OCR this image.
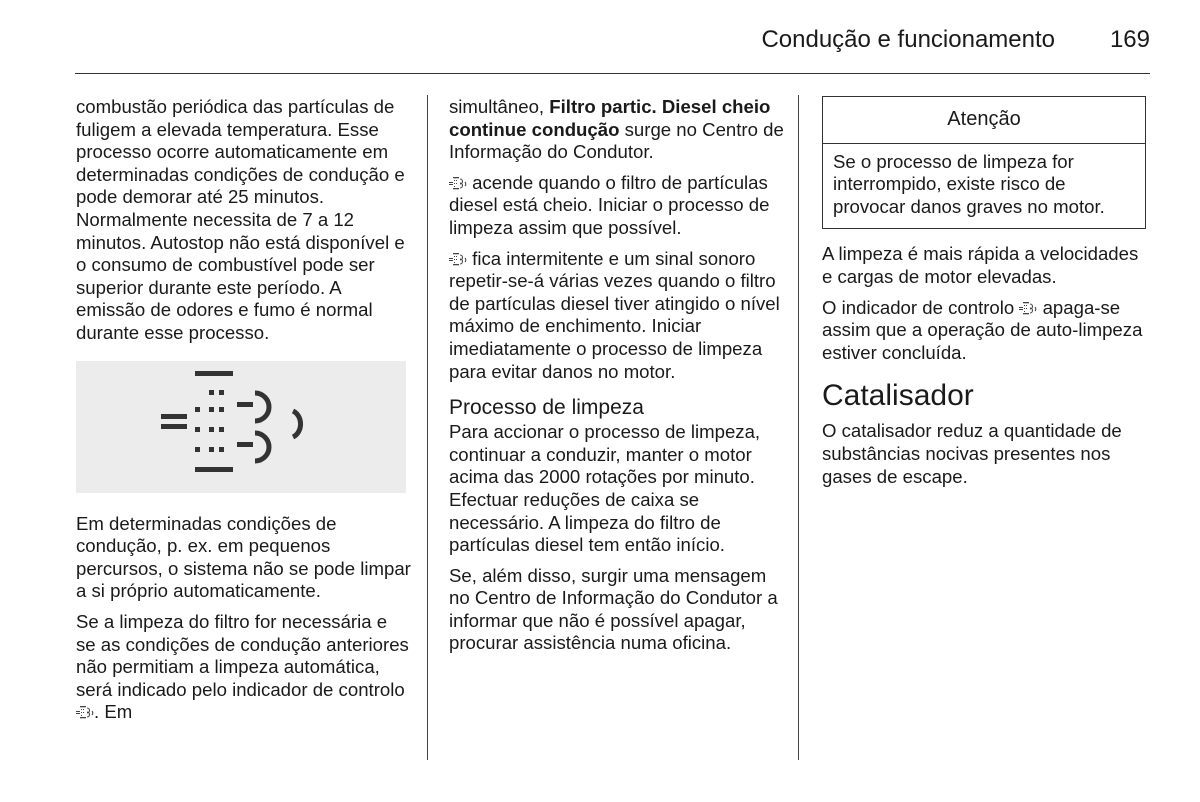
Condução e funcionamento 169

combustão periódica das partículas de fuligem a elevada temperatura. Esse processo ocorre automaticamente em determinadas condições de condução e pode demorar até 25 minutos. Normalmente necessita de 7 a 12 minutos. Autostop não está disponível e o consumo de combustível pode ser superior durante este período. A emissão de odores e fumo é normal durante esse processo.

Em determinadas condições de condução, p. ex. em pequenos percursos, o sistema não se pode limpar a si próprio automaticamente.

Se a limpeza do filtro for necessária e se as condições de condução anteriores não permitiam a limpeza automática, será indicado pelo indicador de controlo . Em

simultâneo, Filtro partic. Diesel cheio continue condução surge no Centro de Informação do Condutor.

acende quando o filtro de partículas diesel está cheio. Iniciar o processo de limpeza assim que possível.

fica intermitente e um sinal sonoro repetir-se-á várias vezes quando o filtro de partículas diesel tiver atingido o nível máximo de enchimento. Iniciar imediatamente o processo de limpeza para evitar danos no motor.

Processo de limpeza

Para accionar o processo de limpeza, continuar a conduzir, manter o motor acima das 2000 rotações por minuto. Efectuar reduções de caixa se necessário. A limpeza do filtro de partículas diesel tem então início.

Se, além disso, surgir uma mensagem no Centro de Informação do Condutor a informar que não é possível apagar, procurar assistência numa oficina.

Atenção
Se o processo de limpeza for interrompido, existe risco de provocar danos graves no motor.

A limpeza é mais rápida a velocidades e cargas de motor elevadas.

O indicador de controlo apaga-se assim que a operação de auto-limpeza estiver concluída.

Catalisador

O catalisador reduz a quantidade de substâncias nocivas presentes nos gases de escape.
